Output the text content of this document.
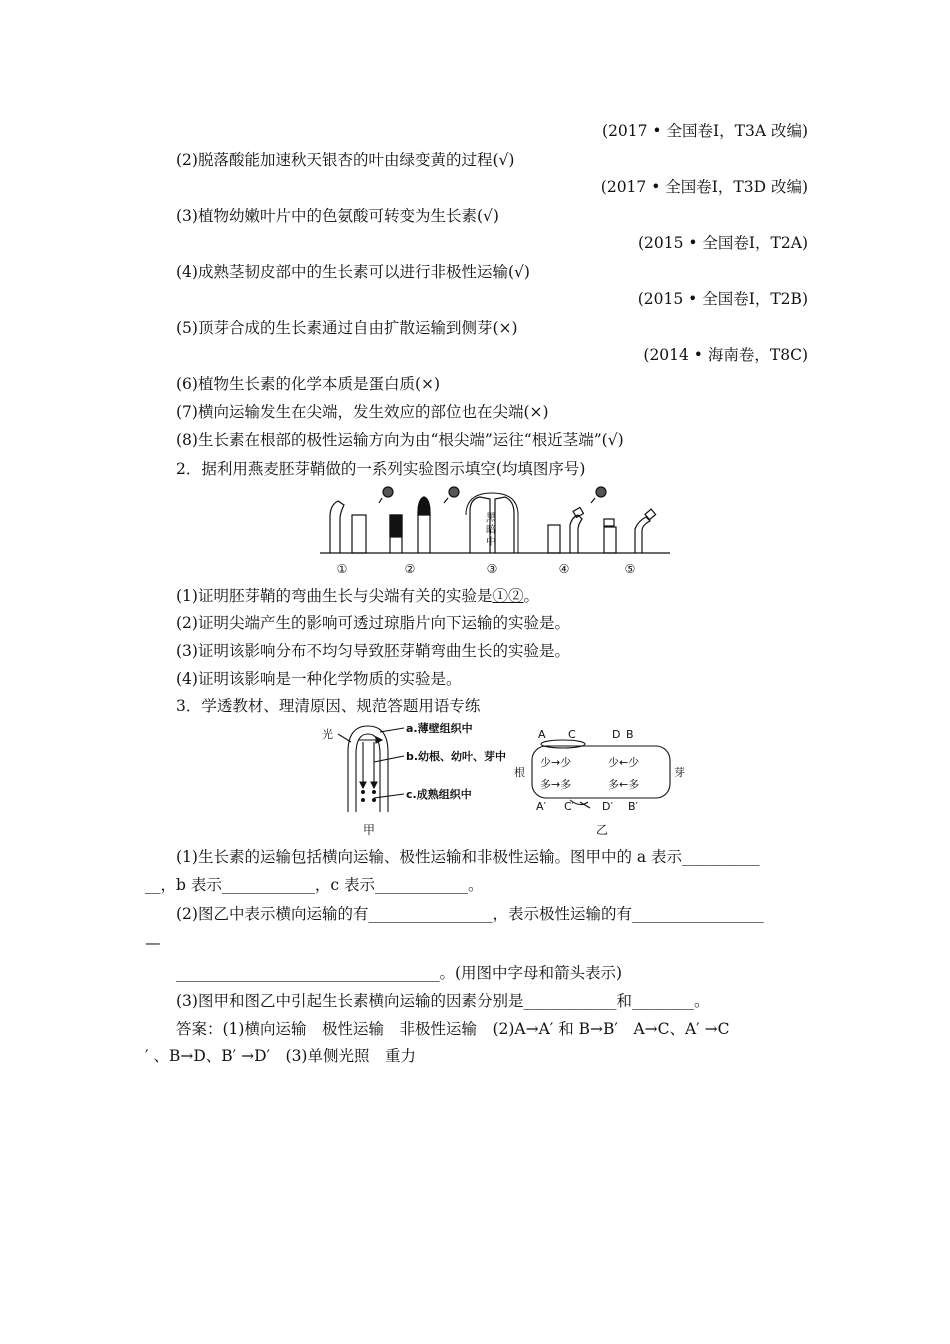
(2017 • 全国卷Ⅰ，T3A 改编)
(2)脱落酸能加速秋天银杏的叶由绿变黄的过程(√)
(2017 • 全国卷Ⅰ，T3D 改编)
(3)植物幼嫩叶片中的色氨酸可转变为生长素(√)
(2015 • 全国卷Ⅰ，T2A)
(4)成熟茎韧皮部中的生长素可以进行非极性运输(√)
(2015 • 全国卷Ⅰ，T2B)
(5)顶芽合成的生长素通过自由扩散运输到侧芽(×)
(2014 • 海南卷，T8C)
(6)植物生长素的化学本质是蛋白质(×)
(7)横向运输发生在尖端，发生效应的部位也在尖端(×)
(8)生长素在根部的极性运输方向为由“根尖端”运往“根近茎端”(√)
2．据利用燕麦胚芽鞘做的一系列实验图示填空(均填图序号)
(1)证明胚芽鞘的弯曲生长与尖端有关的实验是①②。
(2)证明尖端产生的影响可透过琼脂片向下运输的实验是。
(3)证明该影响分布不均匀导致胚芽鞘弯曲生长的实验是。
(4)证明该影响是一种化学物质的实验是。
3．学透教材、理清原因、规范答题用语专练
(1)生长素的运输包括横向运输、极性运输和非极性运输。图甲中的 a 表示__________
__，b 表示____________，c 表示____________。
(2)图乙中表示横向运输的有________________，表示极性运输的有_________________
—
__________________________________。(用图中字母和箭头表示)
(3)图甲和图乙中引起生长素横向运输的因素分别是____________和________。
答案：(1)横向运输　极性运输　非极性运输　(2)A→A′ 和 B→B′　A→C、A′ →C
′ 、B→D、B′ →D′　(3)单侧光照　重力
黑
暗
中
①	②	③	④	⑤
光	a.薄壁组织中
b.幼根、幼叶、芽中
c.成熟组织中
甲
A C	D B
根	芽
少→少	少←少
多→多	多←多
A′ C′	D′ B′
乙
